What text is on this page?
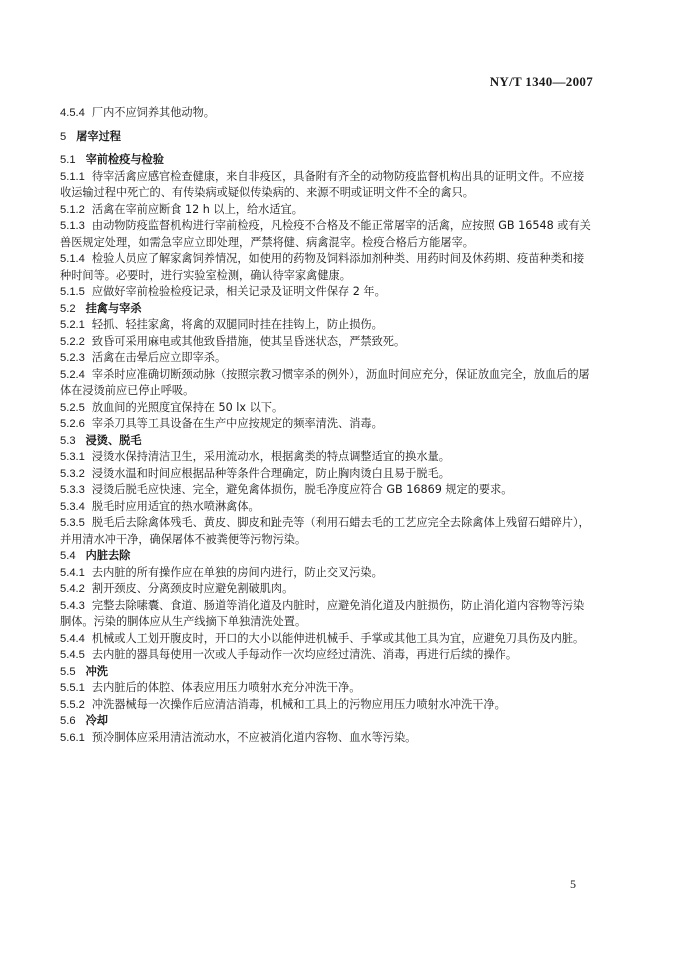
NY/T 1340—2007

4.5.4 厂内不应饲养其他动物。

5 屠宰过程

5.1 宰前检疫与检验

5.1.1 待宰活禽应感官检查健康，来自非疫区，具备附有齐全的动物防疫监督机构出具的证明文件。不应接收运输过程中死亡的、有传染病或疑似传染病的、来源不明或证明文件不全的禽只。

5.1.2 活禽在宰前应断食 12 h 以上，给水适宜。

5.1.3 由动物防疫监督机构进行宰前检疫，凡检疫不合格及不能正常屠宰的活禽，应按照 GB 16548 或有关兽医规定处理，如需急宰应立即处理，严禁将健、病禽混宰。检疫合格后方能屠宰。

5.1.4 检验人员应了解家禽饲养情况，如使用的药物及饲料添加剂种类、用药时间及休药期、疫苗种类和接种时间等。必要时，进行实验室检测，确认待宰家禽健康。

5.1.5 应做好宰前检验检疫记录，相关记录及证明文件保存 2 年。

5.2 挂禽与宰杀

5.2.1 轻抓、轻挂家禽，将禽的双腿同时挂在挂钩上，防止损伤。

5.2.2 致昏可采用麻电或其他致昏措施，使其呈昏迷状态，严禁致死。

5.2.3 活禽在击晕后应立即宰杀。

5.2.4 宰杀时应准确切断颈动脉（按照宗教习惯宰杀的例外），沥血时间应充分，保证放血完全，放血后的屠体在浸烫前应已停止呼吸。

5.2.5 放血间的光照度宜保持在 50 lx 以下。

5.2.6 宰杀刀具等工具设备在生产中应按规定的频率清洗、消毒。

5.3 浸烫、脱毛

5.3.1 浸烫水保持清洁卫生，采用流动水，根据禽类的特点调整适宜的换水量。

5.3.2 浸烫水温和时间应根据品种等条件合理确定，防止胸肉烫白且易于脱毛。

5.3.3 浸烫后脱毛应快速、完全，避免禽体损伤，脱毛净度应符合 GB 16869 规定的要求。

5.3.4 脱毛时应用适宜的热水喷淋禽体。

5.3.5 脱毛后去除禽体残毛、黄皮、脚皮和趾壳等（利用石蜡去毛的工艺应完全去除禽体上残留石蜡碎片），并用清水冲干净，确保屠体不被粪便等污物污染。

5.4 内脏去除

5.4.1 去内脏的所有操作应在单独的房间内进行，防止交叉污染。

5.4.2 割开颈皮、分离颈皮时应避免割破肌肉。

5.4.3 完整去除嗉囊、食道、肠道等消化道及内脏时，应避免消化道及内脏损伤，防止消化道内容物等污染胴体。污染的胴体应从生产线摘下单独清洗处置。

5.4.4 机械或人工划开腹皮时，开口的大小以能伸进机械手、手掌或其他工具为宜，应避免刀具伤及内脏。

5.4.5 去内脏的器具每使用一次或人手每动作一次均应经过清洗、消毒，再进行后续的操作。

5.5 冲洗

5.5.1 去内脏后的体腔、体表应用压力喷射水充分冲洗干净。

5.5.2 冲洗器械每一次操作后应清洁消毒，机械和工具上的污物应用压力喷射水冲洗干净。

5.6 冷却

5.6.1 预冷胴体应采用清洁流动水，不应被消化道内容物、血水等污染。

5
